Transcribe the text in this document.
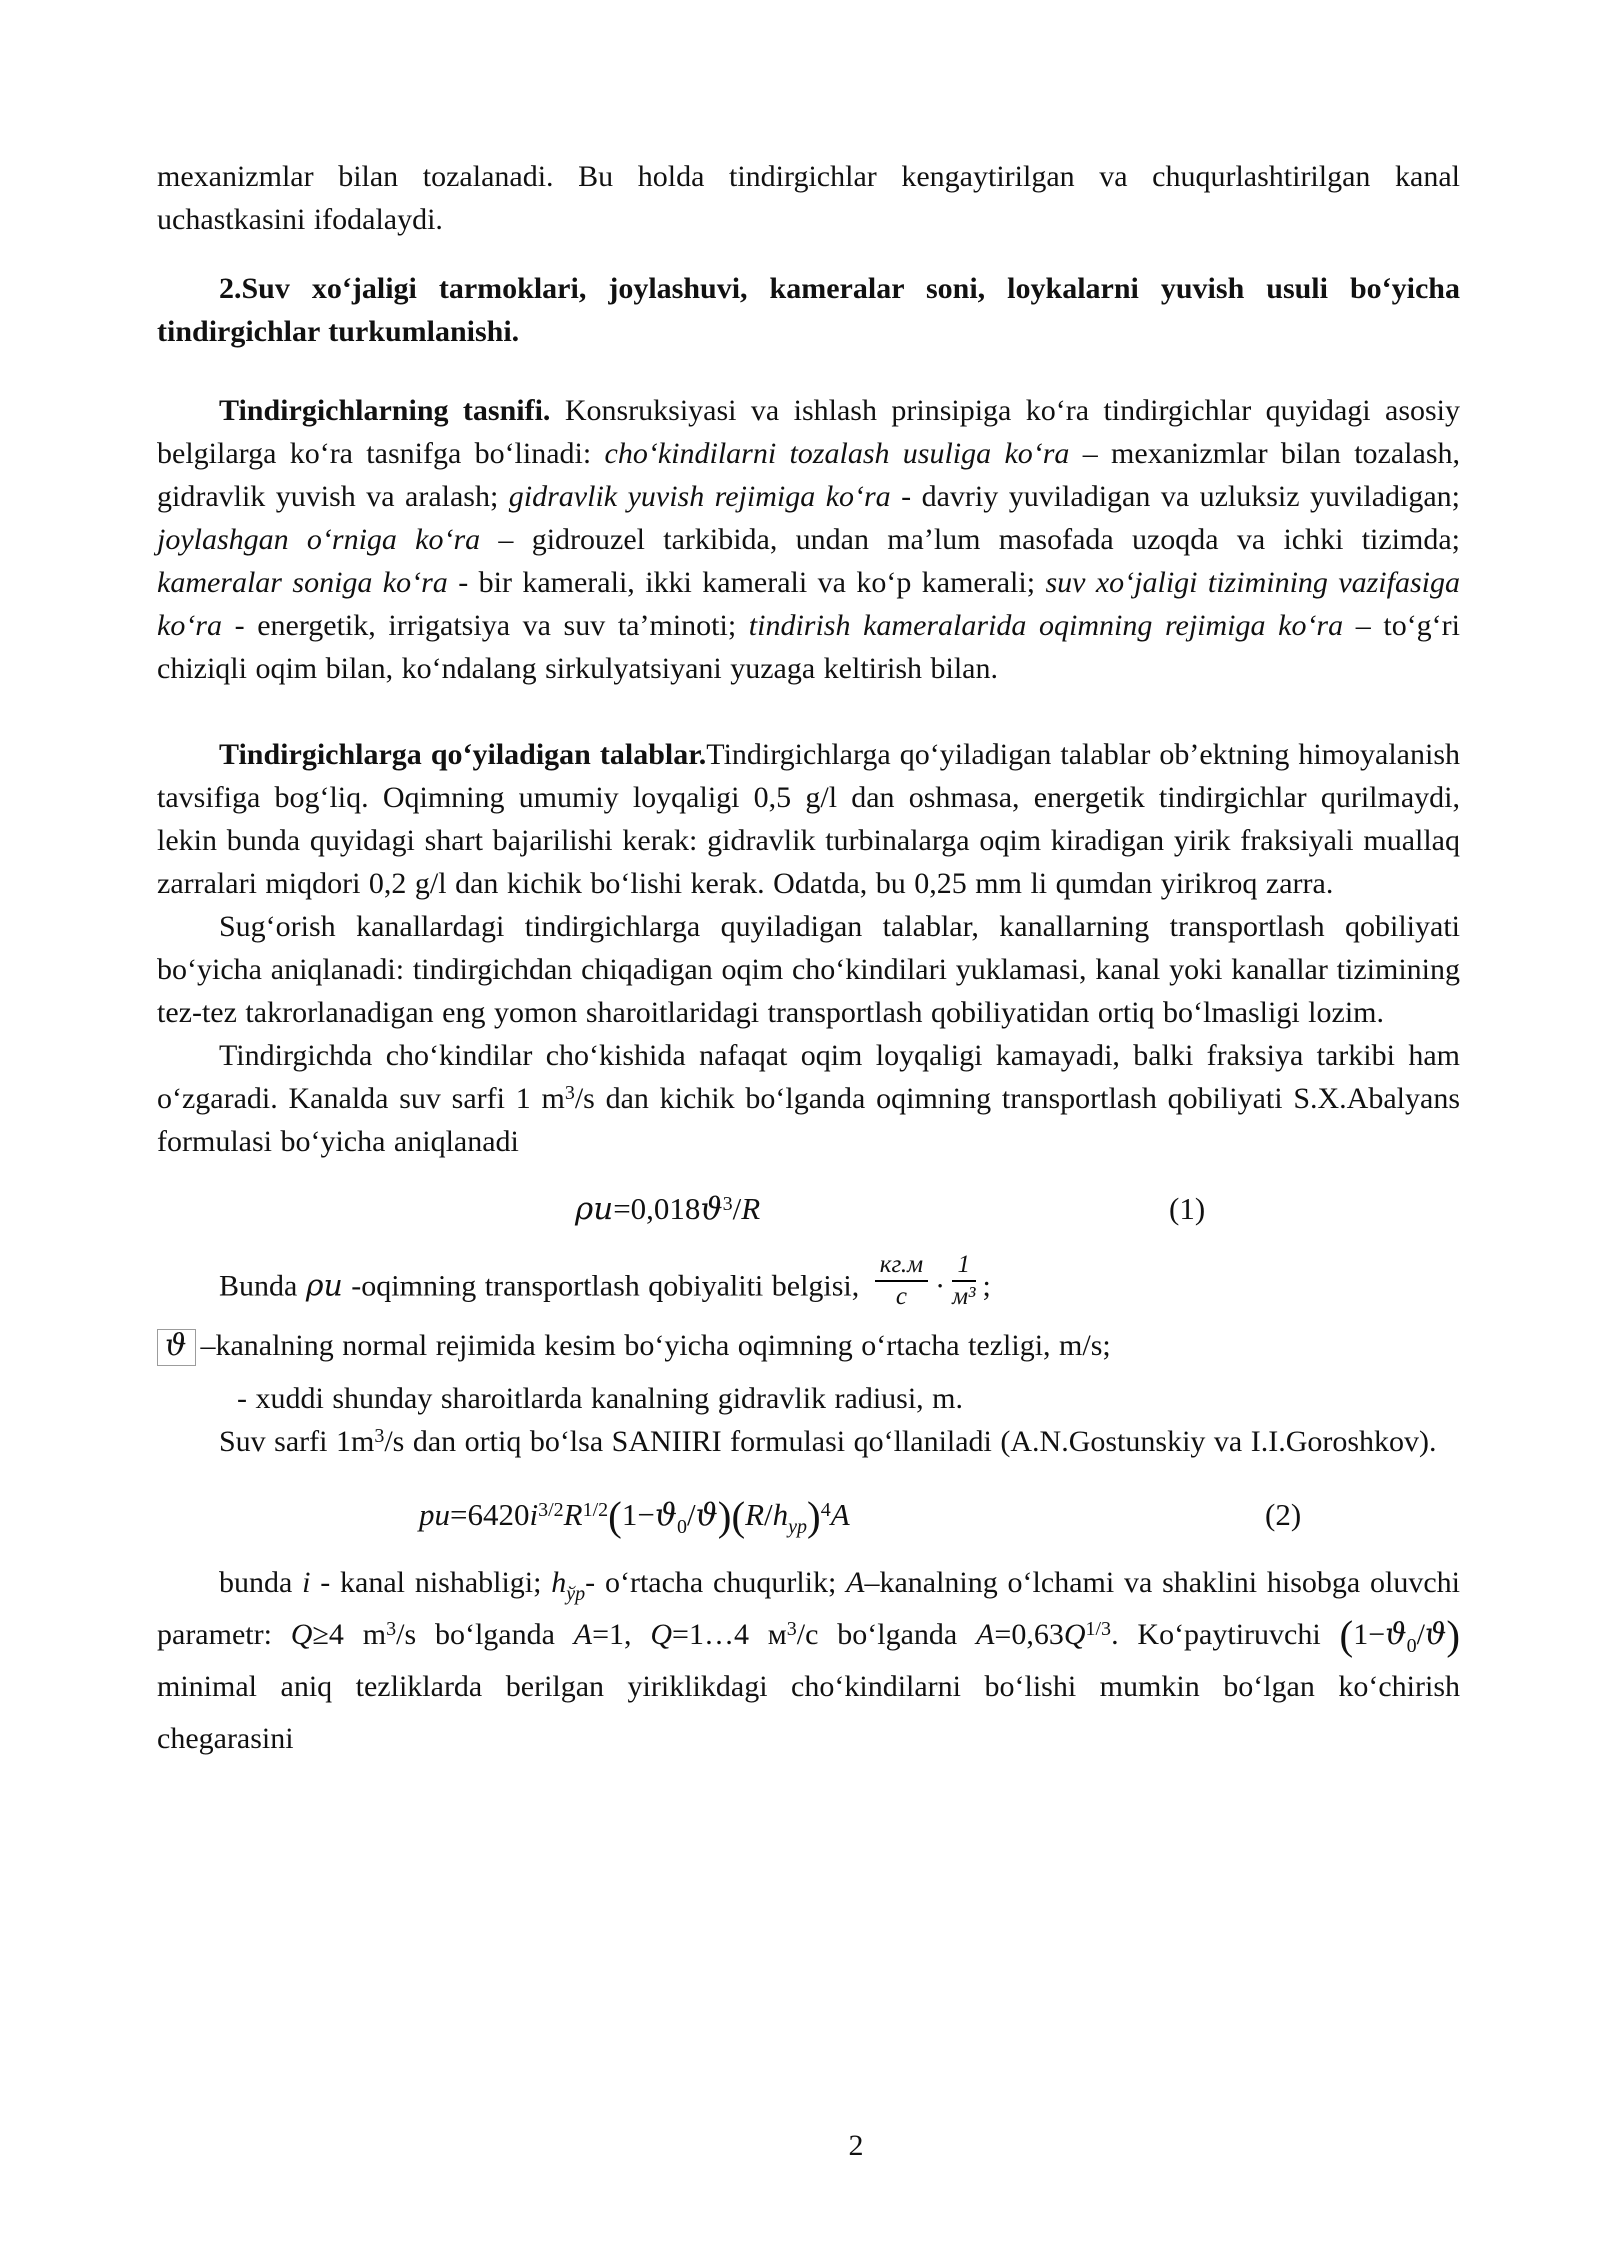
mexanizmlar bilan tozalanadi. Bu holda tindirgichlar kengaytirilgan va chuqurlashtirilgan kanal uchastkasini ifodalaydi.
2.Suv xoʻjaligi tarmoklari, joylashuvi, kameralar soni, loykalarni yuvish usuli boʻyicha tindirgichlar turkumlanishi.
Tindirgichlarning tasnifi. Konsruksiyasi va ishlash prinsipiga koʻra tindirgichlar quyidagi asosiy belgilarga koʻra tasnifga boʻlinadi: choʻkindilarni tozalash usuliga koʻra – mexanizmlar bilan tozalash, gidravlik yuvish va aralash; gidravlik yuvish rejimiga koʻra - davriy yuviladigan va uzluksiz yuviladigan; joylashgan oʻrniga koʻra – gidrouzel tarkibida, undan ma’lum masofada uzoqda va ichki tizimda; kameralar soniga koʻra - bir kamerali, ikki kamerali va koʻp kamerali; suv xoʻjaligi tizimining vazifasiga koʻra - energetik, irrigatsiya va suv ta’minoti; tindirish kameralarida oqimning rejimiga koʻra – toʻgʻri chiziqli oqim bilan, koʻndalang sirkulyatsiyani yuzaga keltirish bilan.
Tindirgichlarga qoʻyiladigan talablar.Tindirgichlarga qoʻyiladigan talablar ob’ektning himoyalanish tavsifiga bogʻliq. Oqimning umumiy loyqaligi 0,5 g/l dan oshmasa, energetik tindirgichlar qurilmaydi, lekin bunda quyidagi shart bajarilishi kerak: gidravlik turbinalarga oqim kiradigan yirik fraksiyali muallaq zarralari miqdori 0,2 g/l dan kichik boʻlishi kerak. Odatda, bu 0,25 mm li qumdan yirikroq zarra.
Sugʻorish kanallardagi tindirgichlarga quyiladigan talablar, kanallarning transportlash qobiliyati boʻyicha aniqlanadi: tindirgichdan chiqadigan oqim choʻkindilari yuklamasi, kanal yoki kanallar tizimining tez-tez takrorlanadigan eng yomon sharoitlaridagi transportlash qobiliyatidan ortiq boʻlmasligi lozim.
Tindirgichda choʻkindilar choʻkishida nafaqat oqim loyqaligi kamayadi, balki fraksiya tarkibi ham oʻzgaradi. Kanalda suv sarfi 1 $m^3/s$ dan kichik boʻlganda oqimning transportlash qobiliyati S.X.Abalyans formulasi boʻyicha aniqlanadi
$\rho u=0,018ϑ^3/R$	(1)
Bunda ρu -oqimning transportlash qobiyaliti belgisi, $\frac{кг.м}{с} \cdot \frac{1}{\text{м³}}$ ;
ϑ –kanalning normal rejimida kesim boʻyicha oqimning oʻrtacha tezligi, m/s;
- xuddi shunday sharoitlarda kanalning gidravlik radiusi, m.
Suv sarfi $1m^3/s$ dan ortiq boʻlsa SANIIRI formulasi qoʻllaniladi (A.N.Gostunskiy va I.I.Goroshkov).
$pu=6420i^{3/2}R^{1/2}(1-ϑ_0/ϑ)(R/h_{yp})^4A$	(2)
bunda i - kanal nishabligi; $h_{ўр}-$ oʻrtacha chuqurlik; A–kanalning oʻlchami va shaklini hisobga oluvchi parametr: Q≥4 $m^3/s$ boʻlganda A=1, Q=1…4 $м^3/c$ boʻlganda $A=0,63Q^{1/3}$. Koʻpaytiruvchi $(1-ϑ_0/ϑ)$ minimal aniq tezliklarda berilgan yiriklikdagi choʻkindilarni boʻlishi mumkin boʻlgan koʻchirish chegarasini
2
